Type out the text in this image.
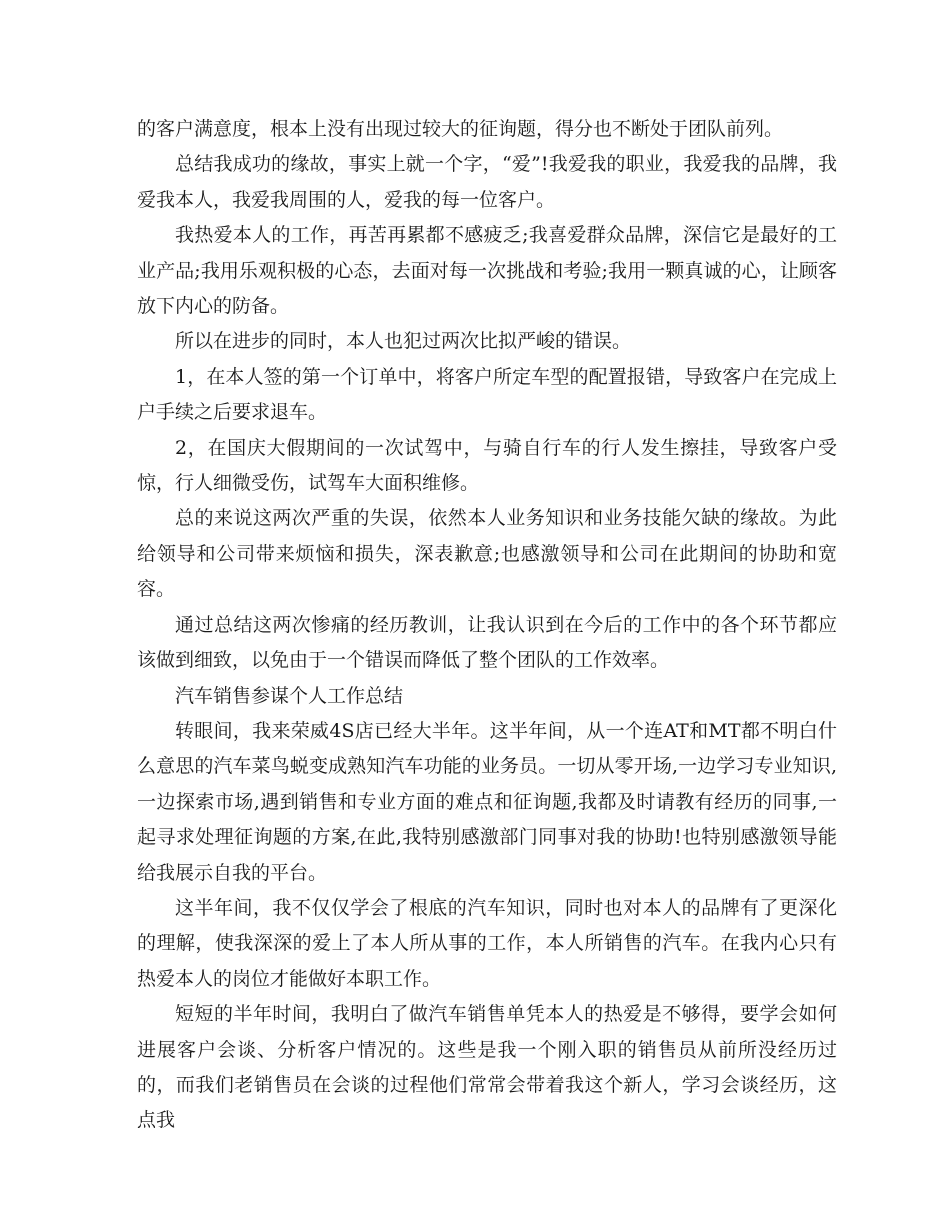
的客户满意度，根本上没有出现过较大的征询题，得分也不断处于团队前列。

总结我成功的缘故，事实上就一个字，“爱”!我爱我的职业，我爱我的品牌，我爱我本人，我爱我周围的人，爱我的每一位客户。

我热爱本人的工作，再苦再累都不感疲乏;我喜爱群众品牌，深信它是最好的工业产品;我用乐观积极的心态，去面对每一次挑战和考验;我用一颗真诚的心，让顾客放下内心的防备。

所以在进步的同时，本人也犯过两次比拟严峻的错误。

1，在本人签的第一个订单中，将客户所定车型的配置报错，导致客户在完成上户手续之后要求退车。

2，在国庆大假期间的一次试驾中，与骑自行车的行人发生擦挂，导致客户受惊，行人细微受伤，试驾车大面积维修。

总的来说这两次严重的失误，依然本人业务知识和业务技能欠缺的缘故。为此给领导和公司带来烦恼和损失，深表歉意;也感激领导和公司在此期间的协助和宽容。

通过总结这两次惨痛的经历教训，让我认识到在今后的工作中的各个环节都应该做到细致，以免由于一个错误而降低了整个团队的工作效率。

汽车销售参谋个人工作总结

转眼间，我来荣威4S店已经大半年。这半年间，从一个连AT和MT都不明白什么意思的汽车菜鸟蜕变成熟知汽车功能的业务员。一切从零开场,一边学习专业知识,一边探索市场,遇到销售和专业方面的难点和征询题,我都及时请教有经历的同事,一起寻求处理征询题的方案,在此,我特别感激部门同事对我的协助!也特别感激领导能给我展示自我的平台。

这半年间，我不仅仅学会了根底的汽车知识，同时也对本人的品牌有了更深化的理解，使我深深的爱上了本人所从事的工作，本人所销售的汽车。在我内心只有热爱本人的岗位才能做好本职工作。

短短的半年时间，我明白了做汽车销售单凭本人的热爱是不够得，要学会如何进展客户会谈、分析客户情况的。这些是我一个刚入职的销售员从前所没经历过的，而我们老销售员在会谈的过程他们常常会带着我这个新人，学习会谈经历，这点我
